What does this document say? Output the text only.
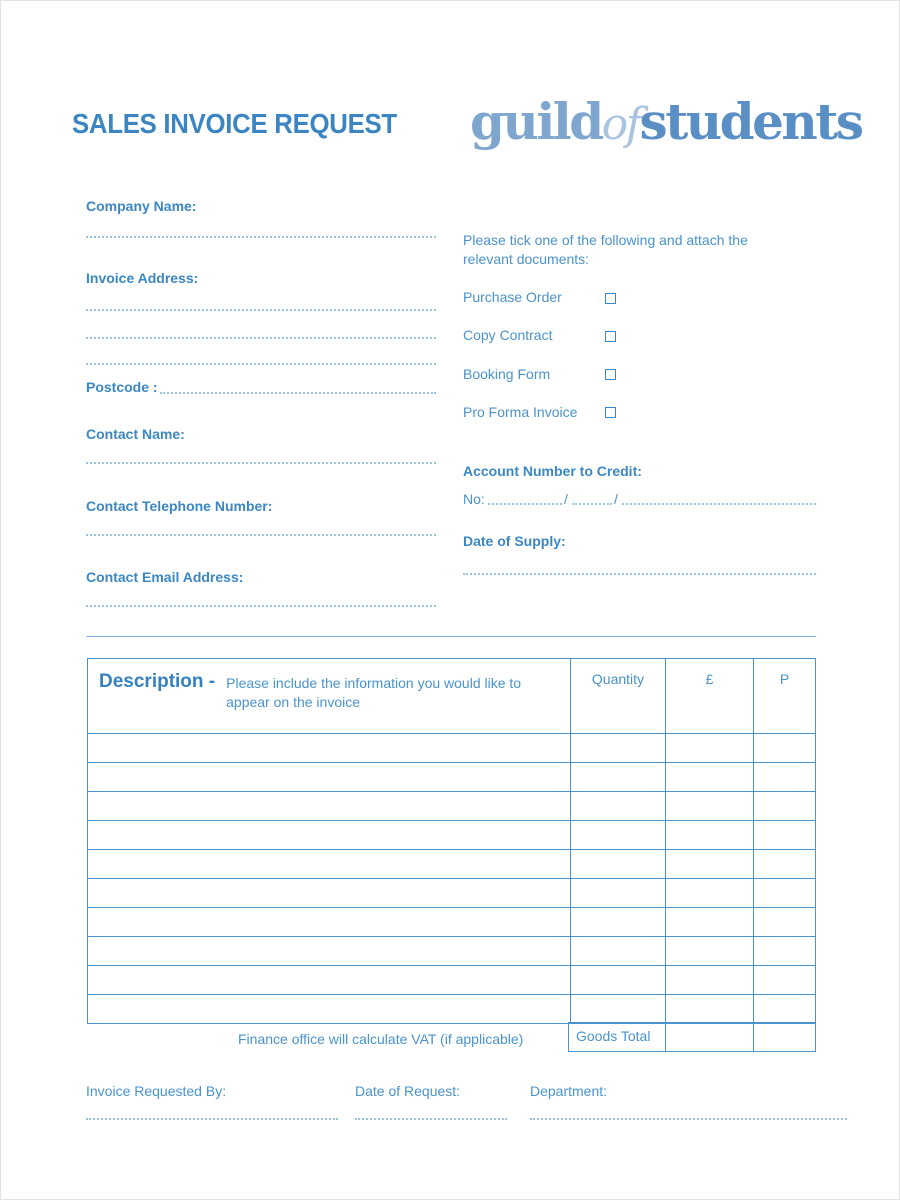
SALES INVOICE REQUEST guildofstudents
Company Name:
Invoice Address:
Postcode :
Contact Name:
Contact Telephone Number:
Contact Email Address:
Please tick one of the following and attach the
relevant documents:
Purchase Order
Copy Contract
Booking Form
Pro Forma Invoice
Account Number to Credit:
No:	/	/
Date of Supply:
Description - Please include the information you would like to
appear on the invoice	Quantity	£	P

Finance office will calculate VAT (if applicable)	Goods Total		
Invoice Requested By:	Date of Request:	Department:
